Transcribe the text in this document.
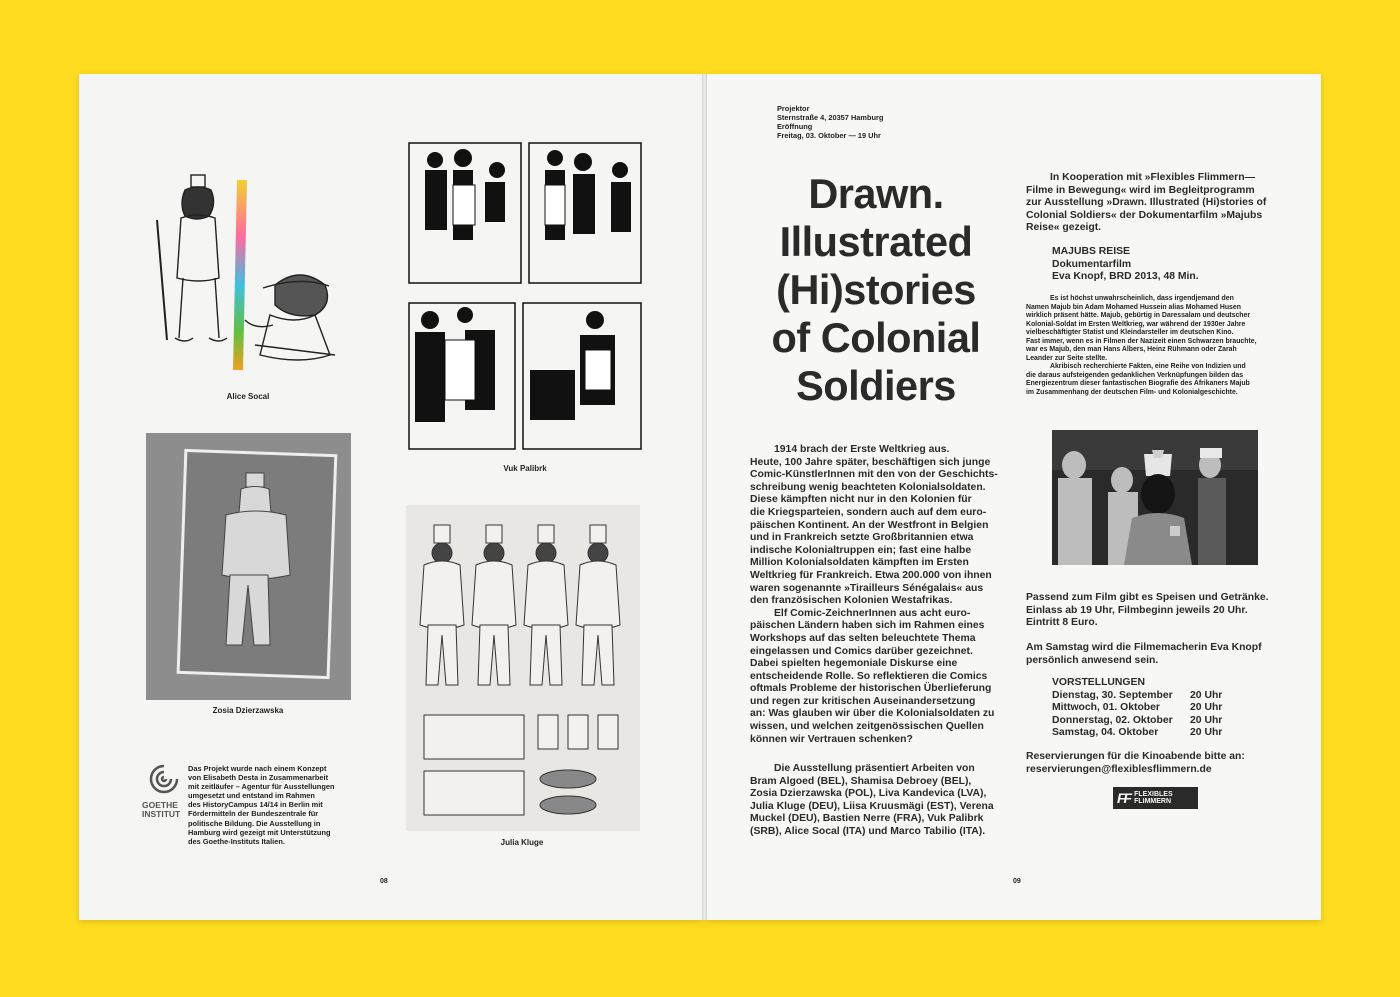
Alice Socal
Vuk Palibrk
Zosia Dzierzawska
Julia Kluge
GOETHE
INSTITUT
Das Projekt wurde nach einem Konzept
von Elisabeth Desta in Zusammenarbeit
mit zeitläufer – Agentur für Ausstellungen
umgesetzt und entstand im Rahmen
des HistoryCampus 14/14 in Berlin mit
Fördermitteln der Bundeszentrale für
politische Bildung. Die Ausstellung in
Hamburg wird gezeigt mit Unterstützung
des Goethe-Instituts Italien.
08
Projektor
Sternstraße 4, 20357 Hamburg
Eröffnung
Freitag, 03. Oktober — 19 Uhr
Drawn.
Illustrated
(Hi)stories
of Colonial
Soldiers
1914 brach der Erste Weltkrieg aus.
Heute, 100 Jahre später, beschäftigen sich junge
Comic-KünstlerInnen mit den von der Geschichts-
schreibung wenig beachteten Kolonialsoldaten.
Diese kämpften nicht nur in den Kolonien für
die Kriegsparteien, sondern auch auf dem euro-
päischen Kontinent. An der Westfront in Belgien
und in Frankreich setzte Großbritannien etwa
indische Kolonialtruppen ein; fast eine halbe
Million Kolonialsoldaten kämpften im Ersten
Weltkrieg für Frankreich. Etwa 200.000 von ihnen
waren sogenannte »Tirailleurs Sénégalais« aus
den französischen Kolonien Westafrikas.
Elf Comic-ZeichnerInnen aus acht euro-
päischen Ländern haben sich im Rahmen eines
Workshops auf das selten beleuchtete Thema
eingelassen und Comics darüber gezeichnet.
Dabei spielten hegemoniale Diskurse eine
entscheidende Rolle. So reflektieren die Comics
oftmals Probleme der historischen Überlieferung
und regen zur kritischen Auseinandersetzung
an: Was glauben wir über die Kolonialsoldaten zu
wissen, und welchen zeitgenössischen Quellen
können wir Vertrauen schenken?
Die Ausstellung präsentiert Arbeiten von
Bram Algoed (BEL), Shamisa Debroey (BEL),
Zosia Dzierzawska (POL), Liva Kandevica (LVA),
Julia Kluge (DEU), Liisa Kruusmägi (EST), Verena
Muckel (DEU), Bastien Nerre (FRA), Vuk Palibrk
(SRB), Alice Socal (ITA) und Marco Tabilio (ITA).
09
In Kooperation mit »Flexibles Flimmern—
Filme in Bewegung« wird im Begleitprogramm
zur Ausstellung »Drawn. Illustrated (Hi)stories of
Colonial Soldiers« der Dokumentarfilm »Majubs
Reise« gezeigt.
MAJUBS REISE
Dokumentarfilm
Eva Knopf, BRD 2013, 48 Min.
Es ist höchst unwahrscheinlich, dass irgendjemand den
Namen Majub bin Adam Mohamed Hussein alias Mohamed Husen
wirklich präsent hätte. Majub, gebürtig in Daressalam und deutscher
Kolonial-Soldat im Ersten Weltkrieg, war während der 1930er Jahre
vielbeschäftigter Statist und Kleindarsteller im deutschen Kino.
Fast immer, wenn es in Filmen der Nazizeit einen Schwarzen brauchte,
war es Majub, den man Hans Albers, Heinz Rühmann oder Zarah
Leander zur Seite stellte.
Akribisch recherchierte Fakten, eine Reihe von Indizien und
die daraus aufsteigenden gedanklichen Verknüpfungen bilden das
Energiezentrum dieser fantastischen Biografie des Afrikaners Majub
im Zusammenhang der deutschen Film- und Kolonialgeschichte.
Passend zum Film gibt es Speisen und Getränke.
Einlass ab 19 Uhr, Filmbeginn jeweils 20 Uhr.
Eintritt 8 Euro.
Am Samstag wird die Filmemacherin Eva Knopf
persönlich anwesend sein.
VORSTELLUNGEN
Dienstag, 30. September	20 Uhr
Mittwoch, 01. Oktober	20 Uhr
Donnerstag, 02. Oktober	20 Uhr
Samstag, 04. Oktober	20 Uhr
Reservierungen für die Kinoabende bitte an:
reservierungen@flexiblesflimmern.de
FF FLEXIBLES
FLIMMERN
